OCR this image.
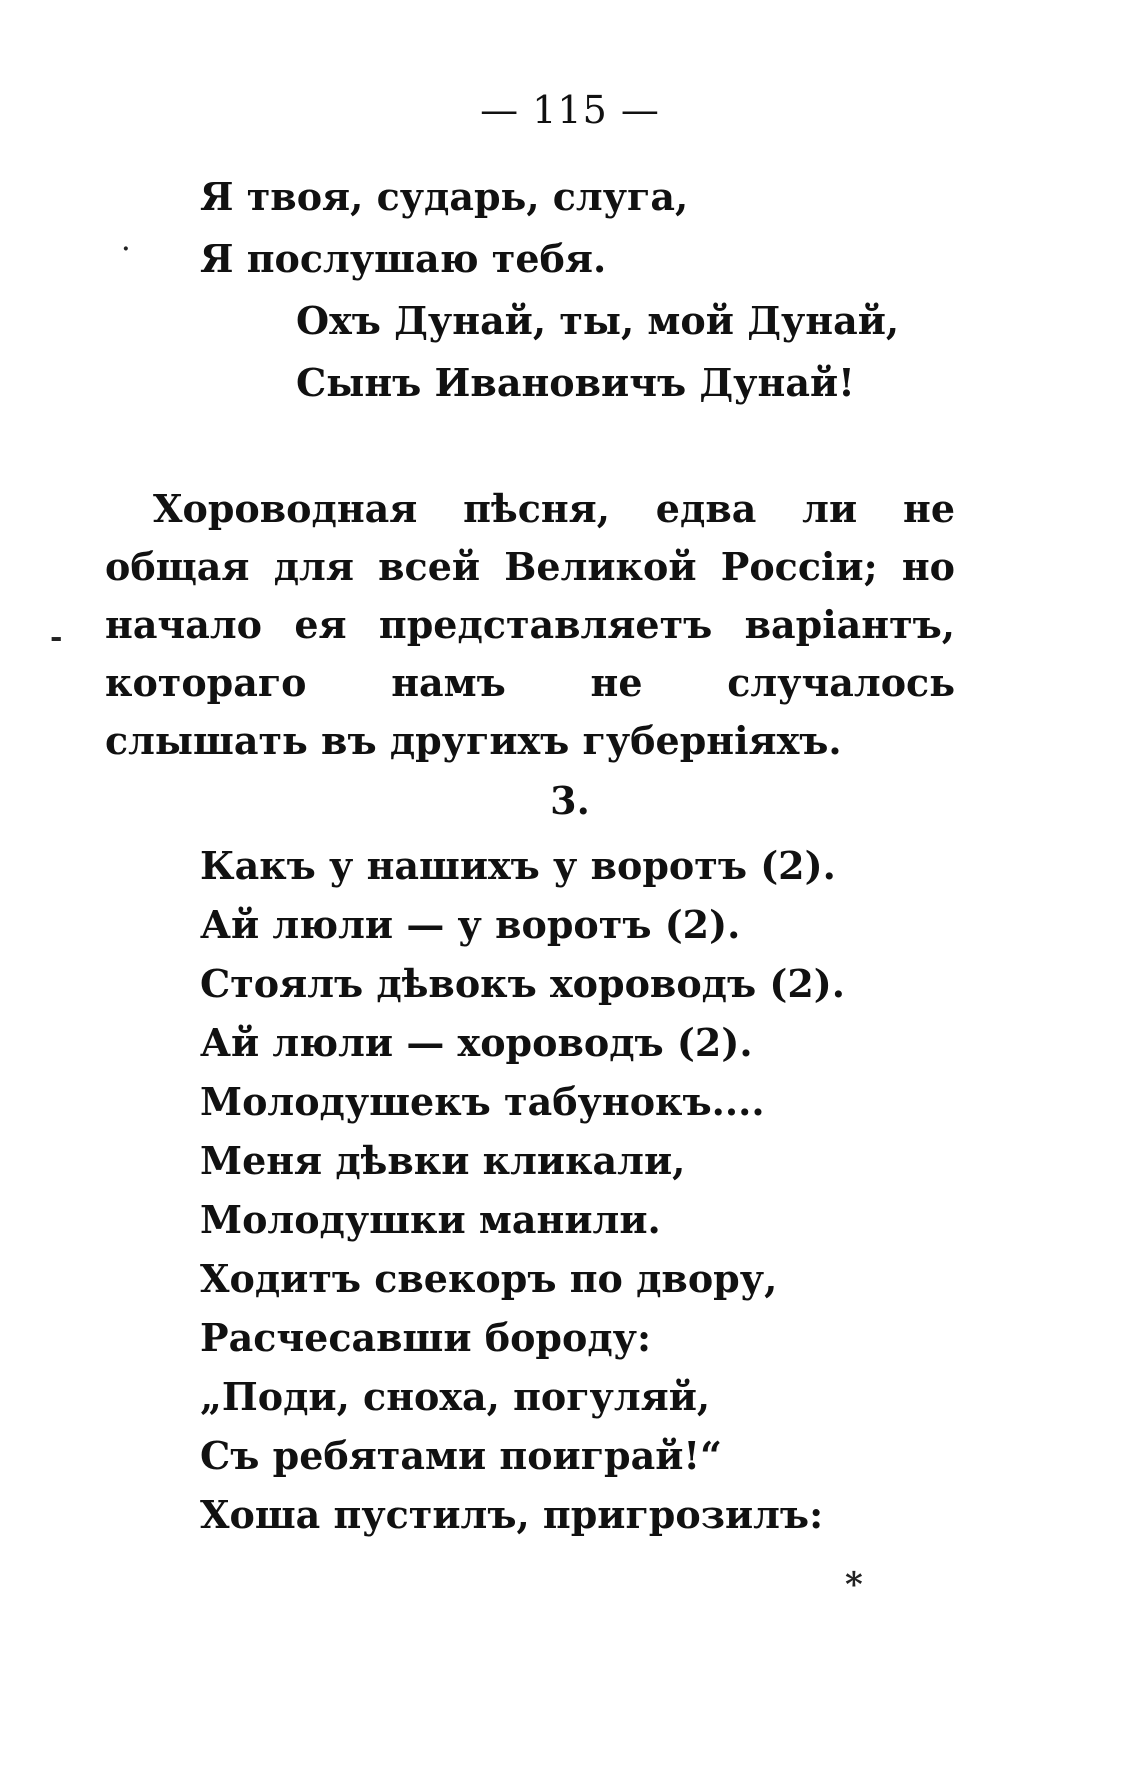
— 115 —
Я твоя, сударь, слуга,
Я послушаю тебя.
Охъ Дунай, ты, мой Дунай,
Сынъ Ивановичъ Дунай!
Хороводная пѣсня, едва ли не общая для всей Великой Россіи; но начало ея представляетъ варіантъ, котораго намъ не случалось слышать въ другихъ губерніяхъ.
3.
Какъ у нашихъ у воротъ (2).
Ай люли — у воротъ (2).
Стоялъ дѣвокъ хороводъ (2).
Ай люли — хороводъ (2).
Молодушекъ табунокъ....
Меня дѣвки кликали,
Молодушки манили.
Ходитъ свекоръ по двору,
Расчесавши бороду:
„Поди, сноха, погуляй,
Съ ребятами поиграй!“
Хоша пустилъ, пригрозилъ:
·
-
*
